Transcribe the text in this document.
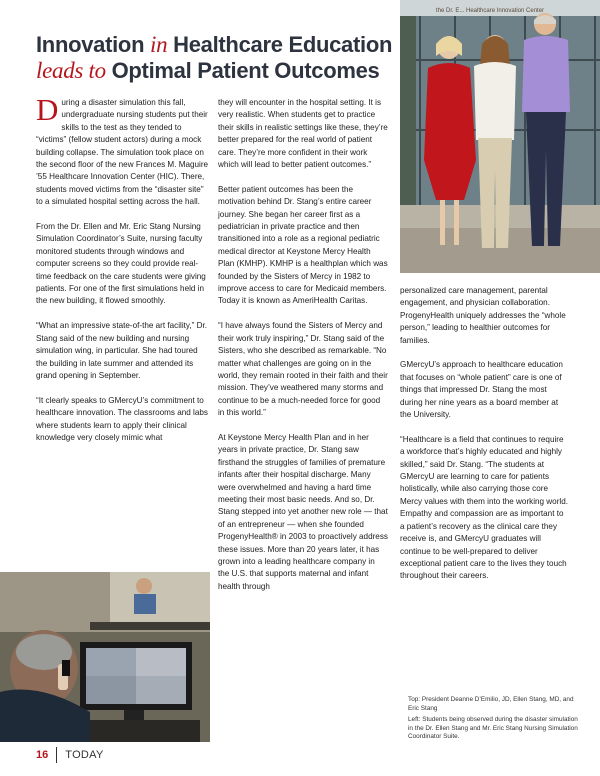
Innovation in Healthcare Education
leads to Optimal Patient Outcomes

During a disaster simulation this fall, undergraduate nursing students put their skills to the test as they tended to “victims” (fellow student actors) during a mock building collapse. The simulation took place on the second floor of the new Frances M. Maguire ’55 Healthcare Innovation Center (HIC). There, students moved victims from the “disaster site” to a simulated hospital setting across the hall.

From the Dr. Ellen and Mr. Eric Stang Nursing Simulation Coordinator’s Suite, nursing faculty monitored students through windows and computer screens so they could provide real-time feedback on the care students were giving patients. For one of the first simulations held in the new building, it flowed smoothly.

“What an impressive state-of-the art facility,” Dr. Stang said of the new building and nursing simulation wing, in particular. She had toured the building in late summer and attended its grand opening in September.

“It clearly speaks to GMercyU’s commitment to healthcare innovation. The classrooms and labs where students learn to apply their clinical knowledge very closely mimic what

they will encounter in the hospital setting. It is very realistic. When students get to practice their skills in realistic settings like these, they’re better prepared for the real world of patient care. They’re more confident in their work which will lead to better patient outcomes.”

Better patient outcomes has been the motivation behind Dr. Stang’s entire career journey. She began her career first as a pediatrician in private practice and then transitioned into a role as a regional pediatric medical director at Keystone Mercy Health Plan (KMHP). KMHP is a healthplan which was founded by the Sisters of Mercy in 1982 to improve access to care for Medicaid members. Today it is known as AmeriHealth Caritas.

“I have always found the Sisters of Mercy and their work truly inspiring,” Dr. Stang said of the Sisters, who she described as remarkable. “No matter what challenges are going on in the world, they remain rooted in their faith and their mission. They’ve weathered many storms and continue to be a much-needed force for good in this world.”

At Keystone Mercy Health Plan and in her years in private practice, Dr. Stang saw firsthand the struggles of families of premature infants after their hospital discharge. Many were overwhelmed and having a hard time meeting their most basic needs. And so, Dr. Stang stepped into yet another new role — that of an entrepreneur — when she founded ProgenyHealth® in 2003 to proactively address these issues. More than 20 years later, it has grown into a leading healthcare company in the U.S. that supports maternal and infant health through

personalized care management, parental engagement, and physician collaboration. ProgenyHealth uniquely addresses the “whole person,” leading to healthier outcomes for families.

GMercyU’s approach to healthcare education that focuses on “whole patient” care is one of things that impressed Dr. Stang the most during her nine years as a board member at the University.

“Healthcare is a field that continues to require a workforce that’s highly educated and highly skilled,” said Dr. Stang. “The students at GMercyU are learning to care for patients holistically, while also carrying those core Mercy values with them into the working world. Empathy and compassion are as important to a patient’s recovery as the clinical care they receive is, and GMercyU graduates will continue to be well-prepared to deliver exceptional patient care to the lives they touch throughout their careers.

the Dr. E... Healthcare Innovation Center

Top: President Deanne D’Emilio, JD, Ellen Stang, MD, and Eric Stang

Left: Students being observed during the disaster simulation in the Dr. Ellen Stang and Mr. Eric Stang Nursing Simulation Coordinator Suite.

16 TODAY
